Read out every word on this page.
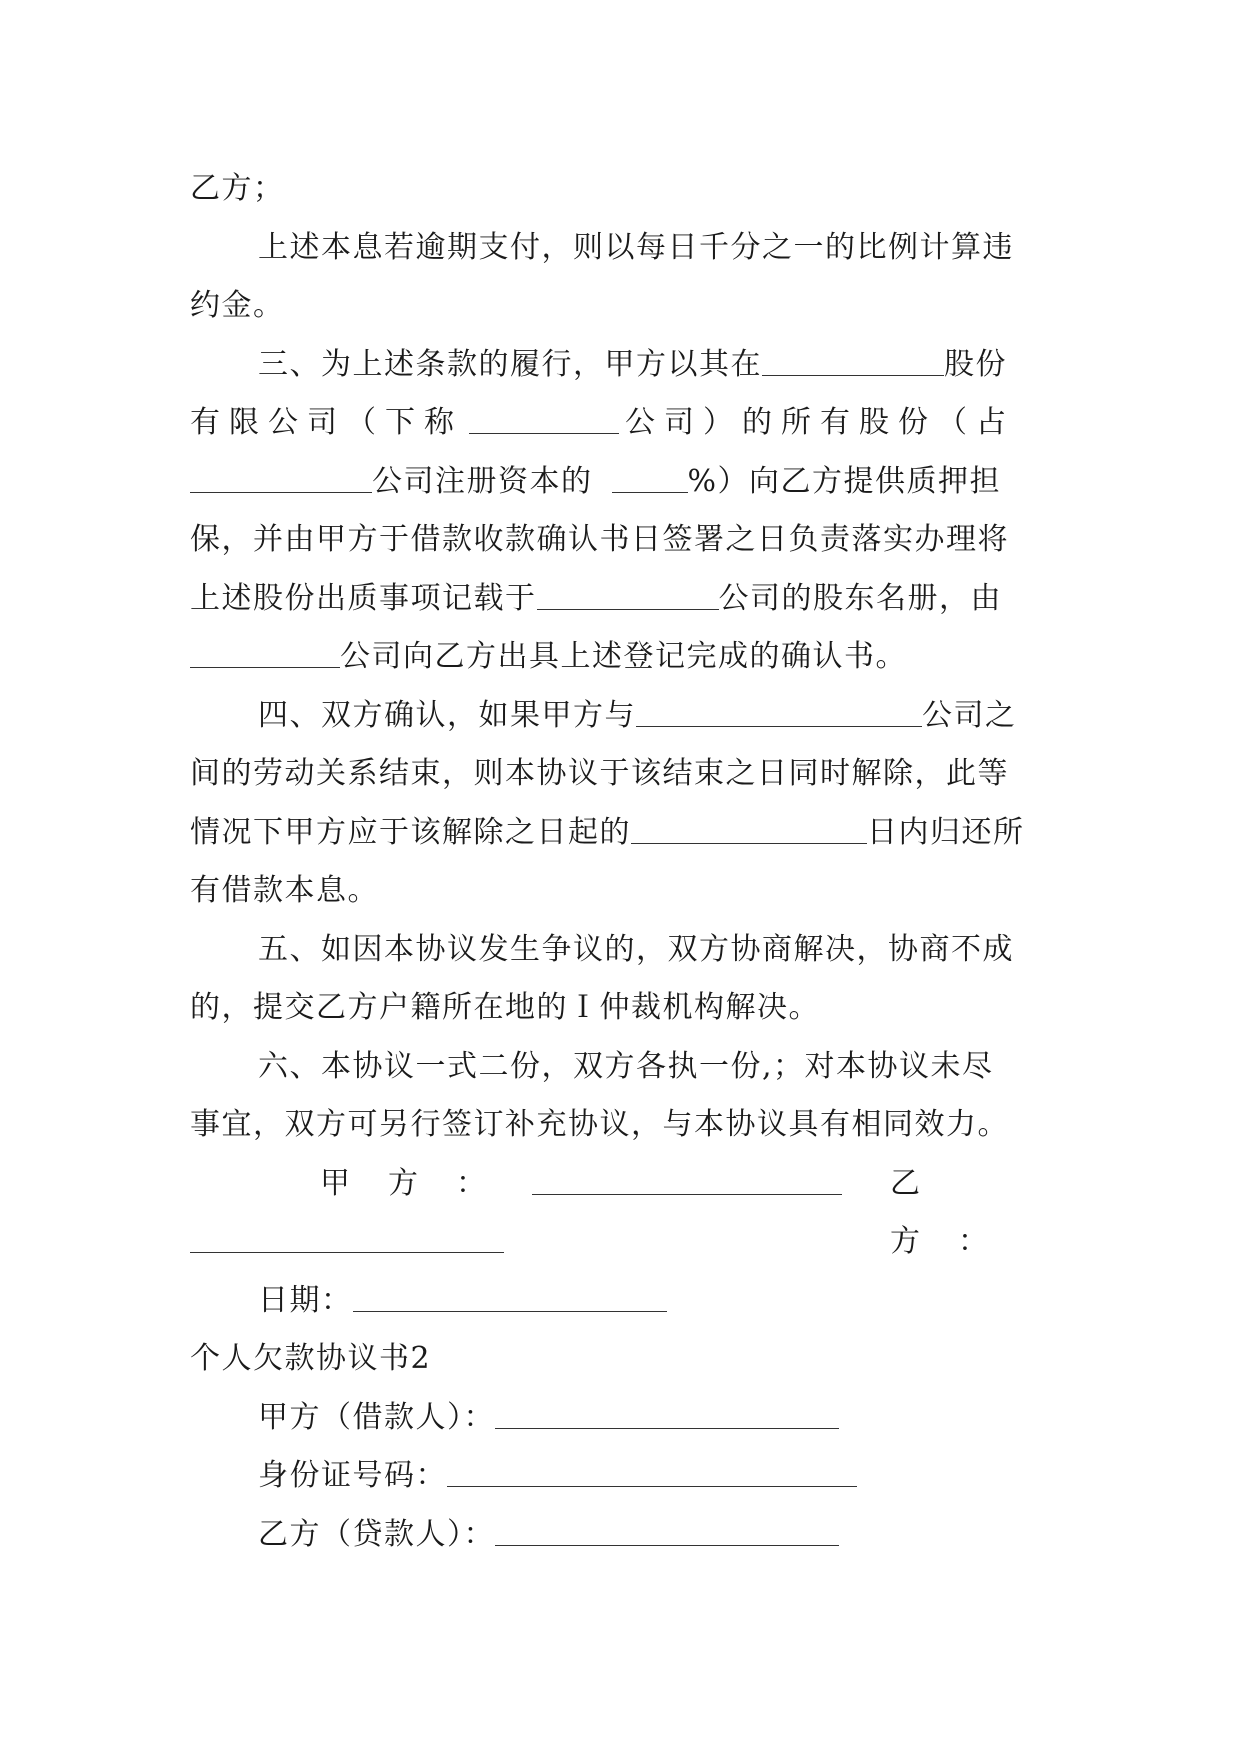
乙方；
上述本息若逾期支付，则以每日千分之一的比例计算违
约金。
三、为上述条款的履行，甲方以其在	股份
有限公司（下称	公司）的所有股份（占
公司注册资本的	%）向乙方提供质押担
保，并由甲方于借款收款确认书日签署之日负责落实办理将
上述股份出质事项记载于	公司的股东名册，由
公司向乙方出具上述登记完成的确认书。
四、双方确认，如果甲方与	公司之
间的劳动关系结束，则本协议于该结束之日同时解除，此等
情况下甲方应于该解除之日起的	日内归还所
有借款本息。
五、如因本协议发生争议的，双方协商解决，协商不成
的，提交乙方户籍所在地的Ｉ仲裁机构解决。
六、本协议一式二份，双方各执一份,；对本协议未尽
事宜，双方可另行签订补充协议，与本协议具有相同效力。
甲方：	乙方：
日期：
个人欠款协议书2
甲方（借款人）：
身份证号码：
乙方（贷款人）：
